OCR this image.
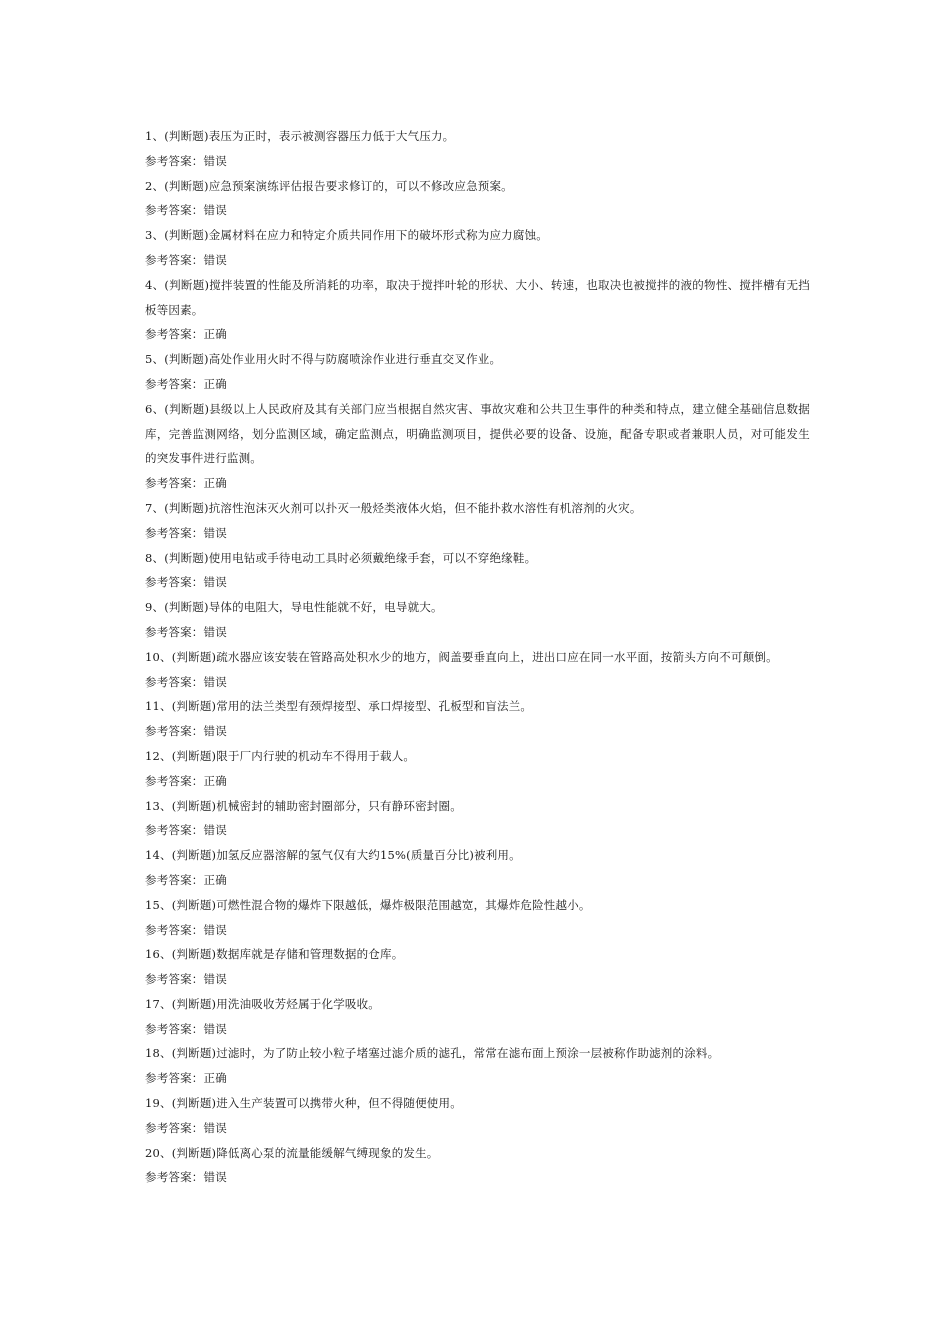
1、(判断题)表压为正时，表示被测容器压力低于大气压力。
参考答案：错误
2、(判断题)应急预案演练评估报告要求修订的，可以不修改应急预案。
参考答案：错误
3、(判断题)金属材料在应力和特定介质共同作用下的破坏形式称为应力腐蚀。
参考答案：错误
4、(判断题)搅拌装置的性能及所消耗的功率，取决于搅拌叶轮的形状、大小、转速，也取决也被搅拌的液的物性、搅拌槽有无挡板等因素。
参考答案：正确
5、(判断题)高处作业用火时不得与防腐喷涂作业进行垂直交叉作业。
参考答案：正确
6、(判断题)县级以上人民政府及其有关部门应当根据自然灾害、事故灾难和公共卫生事件的种类和特点，建立健全基础信息数据库，完善监测网络，划分监测区域，确定监测点，明确监测项目，提供必要的设备、设施，配备专职或者兼职人员，对可能发生的突发事件进行监测。
参考答案：正确
7、(判断题)抗溶性泡沫灭火剂可以扑灭一般烃类液体火焰，但不能扑救水溶性有机溶剂的火灾。
参考答案：错误
8、(判断题)使用电钻或手待电动工具时必须戴绝缘手套，可以不穿绝缘鞋。
参考答案：错误
9、(判断题)导体的电阻大，导电性能就不好，电导就大。
参考答案：错误
10、(判断题)疏水器应该安装在管路高处积水少的地方，阀盖要垂直向上，进出口应在同一水平面，按箭头方向不可颠倒。
参考答案：错误
11、(判断题)常用的法兰类型有颈焊接型、承口焊接型、孔板型和盲法兰。
参考答案：错误
12、(判断题)限于厂内行驶的机动车不得用于载人。
参考答案：正确
13、(判断题)机械密封的辅助密封圈部分，只有静环密封圈。
参考答案：错误
14、(判断题)加氢反应器溶解的氢气仅有大约15%(质量百分比)被利用。
参考答案：正确
15、(判断题)可燃性混合物的爆炸下限越低，爆炸极限范围越宽，其爆炸危险性越小。
参考答案：错误
16、(判断题)数据库就是存储和管理数据的仓库。
参考答案：错误
17、(判断题)用洗油吸收芳烃属于化学吸收。
参考答案：错误
18、(判断题)过滤时，为了防止较小粒子堵塞过滤介质的滤孔，常常在滤布面上预涂一层被称作助滤剂的涂料。
参考答案：正确
19、(判断题)进入生产装置可以携带火种，但不得随便使用。
参考答案：错误
20、(判断题)降低离心泵的流量能缓解气缚现象的发生。
参考答案：错误
